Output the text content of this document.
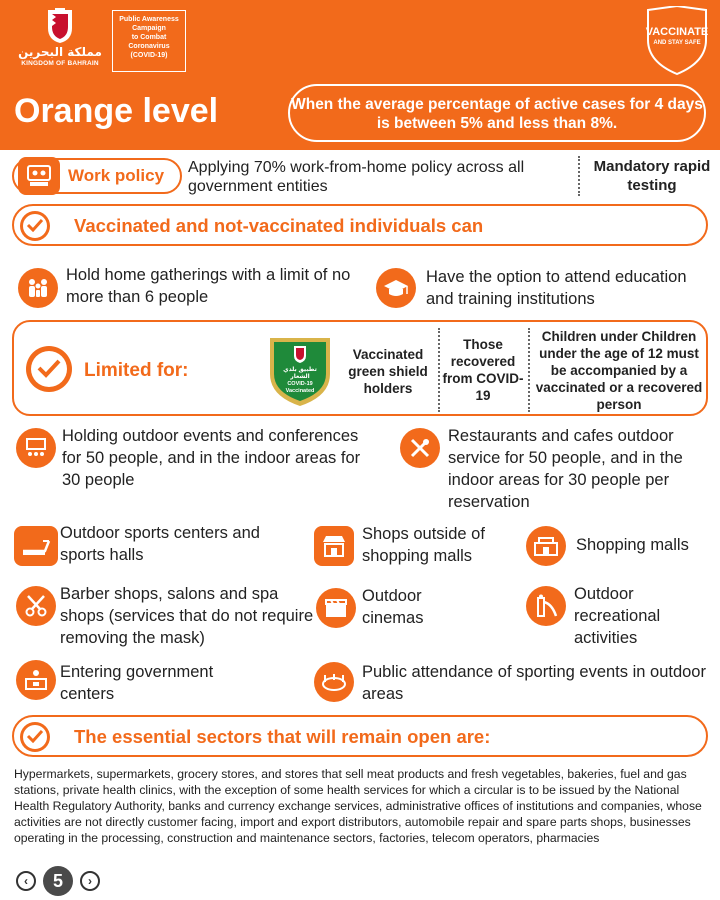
مملكة البحرين
KINGDOM OF BAHRAIN
Public Awareness
Campaign
to Combat
Coronavirus
(COVID-19)
VACCINATE
AND STAY SAFE
Orange level	When the average percentage of active cases for 4 days is between 5% and less than 8%.
Work policy Applying 70% work-from-home policy across all government entities
Mandatory rapid testing
Vaccinated and not-vaccinated individuals can
Hold home gatherings with a limit of no more than 6 people
Have the option to attend education and training institutions
Limited for:	تطبيق بلدي
الشعار
COVID-19
Vaccinated
Vaccinated green shield holders
Those recovered from COVID-19
Children under Children under the age of 12 must be accompanied by a vaccinated or a recovered person
Holding outdoor events and conferences for 50 people, and in the indoor areas for 30 people
Restaurants and cafes outdoor service for 50 people, and in the indoor areas for 30 people per reservation
Outdoor sports centers and sports halls
Shops outside of shopping malls
Shopping malls
Barber shops, salons and spa shops (services that do not require removing the mask)
Outdoor cinemas
Outdoor recreational activities
Entering government centers
Public attendance of sporting events in outdoor areas
The essential sectors that will remain open are:
Hypermarkets, supermarkets, grocery stores, and stores that sell meat products and fresh vegetables, bakeries, fuel and gas stations, private health clinics, with the exception of some health services for which a circular is to be issued by the National Health Regulatory Authority, banks and currency exchange services, administrative offices of institutions and companies, whose activities are not directly customer facing, import and export distributors, automobile repair and spare parts shops, businesses operating in the processing, construction and maintenance sectors, factories, telecom operators, pharmacies
‹	5	›
